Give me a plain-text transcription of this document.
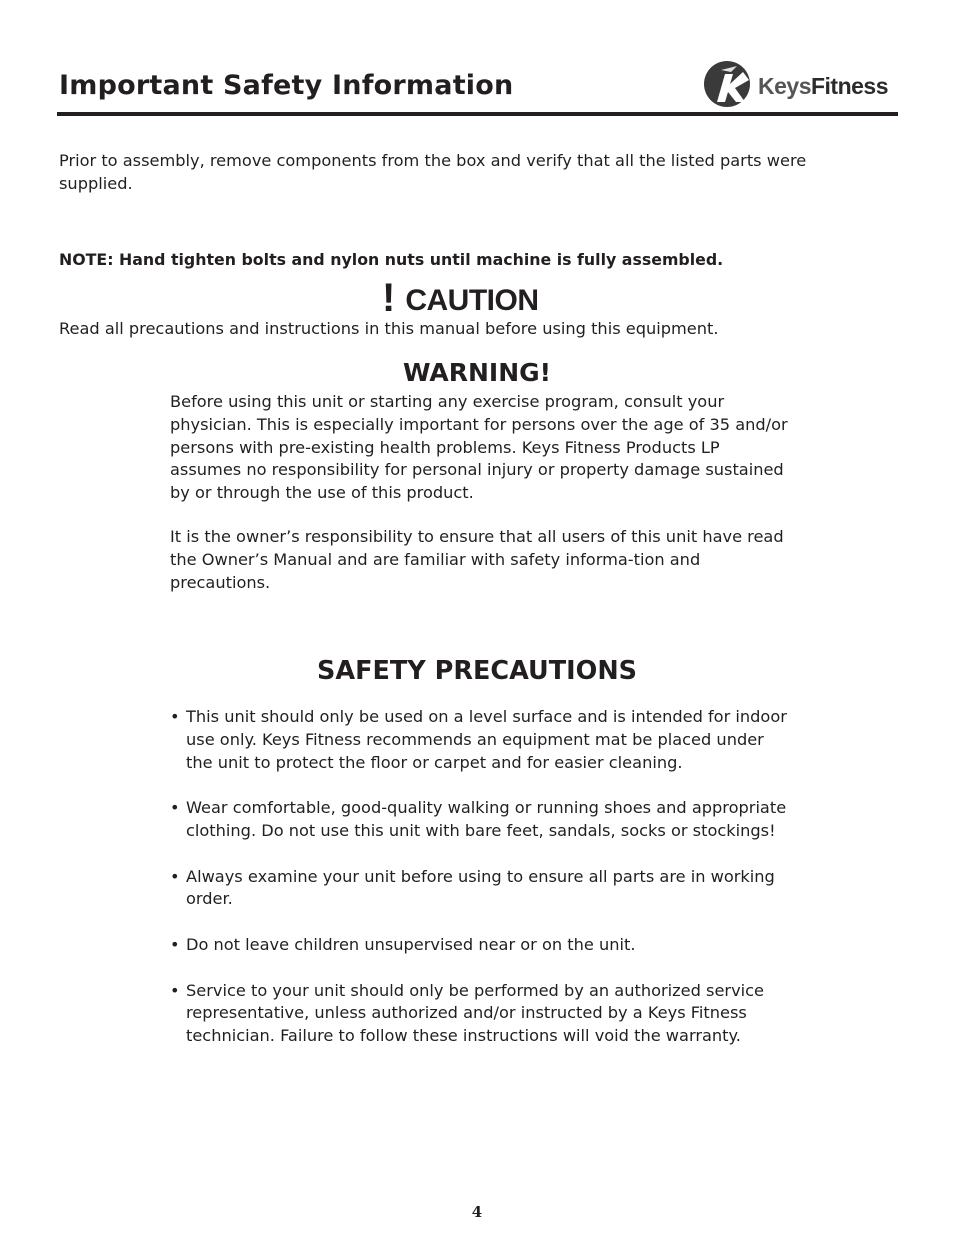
Important Safety Information	KeysFitness

Prior to assembly, remove components from the box and verify that all the listed parts were supplied.

NOTE: Hand tighten bolts and nylon nuts until machine is fully assembled.

! CAUTION

Read all precautions and instructions in this manual before using this equipment.

WARNING!

Before using this unit or starting any exercise program, consult your physician. This is especially important for persons over the age of 35 and/or persons with pre-existing health problems. Keys Fitness Products LP assumes no responsibility for personal injury or property damage sustained by or through the use of this product.

It is the owner’s responsibility to ensure that all users of this unit have read the Owner’s Manual and are familiar with safety informa-tion and precautions.

SAFETY PRECAUTIONS
• This unit should only be used on a level surface and is intended for indoor use only. Keys Fitness recommends an equipment mat be placed under the unit to protect the floor or carpet and for easier cleaning.
• Wear comfortable, good-quality walking or running shoes and appropriate clothing. Do not use this unit with bare feet, sandals, socks or stockings!
• Always examine your unit before using to ensure all parts are in working order.
• Do not leave children unsupervised near or on the unit.
• Service to your unit should only be performed by an authorized service representative, unless authorized and/or instructed by a Keys Fitness technician. Failure to follow these instructions will void the warranty.
4
